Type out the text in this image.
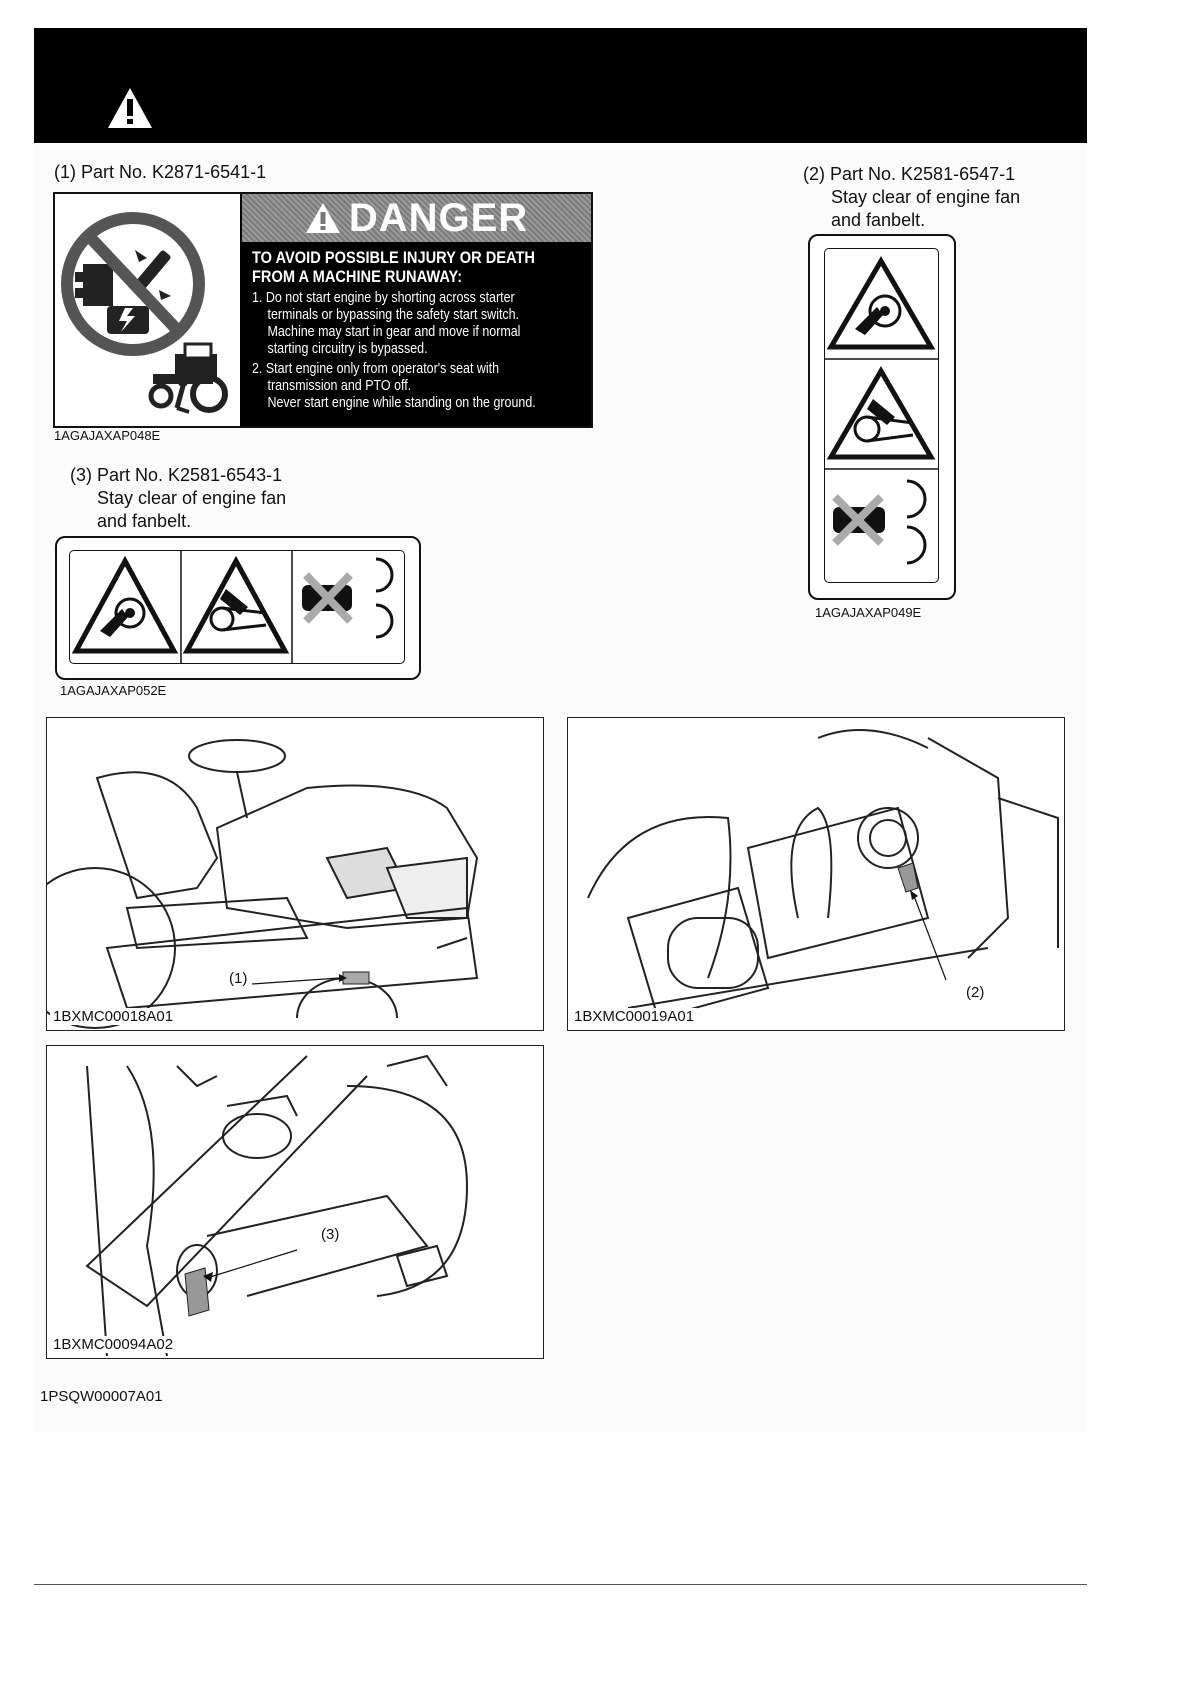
(1) Part No. K2871-6541-1
DANGER
TO AVOID POSSIBLE INJURY OR DEATH
FROM A MACHINE RUNAWAY:
1. Do not start engine by shorting across starter
terminals or bypassing the safety start switch.
Machine may start in gear and move if normal
starting circuitry is bypassed.
2. Start engine only from operator's seat with
transmission and PTO off.
Never start engine while standing on the ground.
1AGAJAXAP048E
(2) Part No. K2581-6547-1
Stay clear of engine fan
and fanbelt.
1AGAJAXAP049E
(3) Part No. K2581-6543-1
Stay clear of engine fan
and fanbelt.
1AGAJAXAP052E
(1)
1BXMC00018A01
(2)
1BXMC00019A01
(3)
1BXMC00094A02
1PSQW00007A01
